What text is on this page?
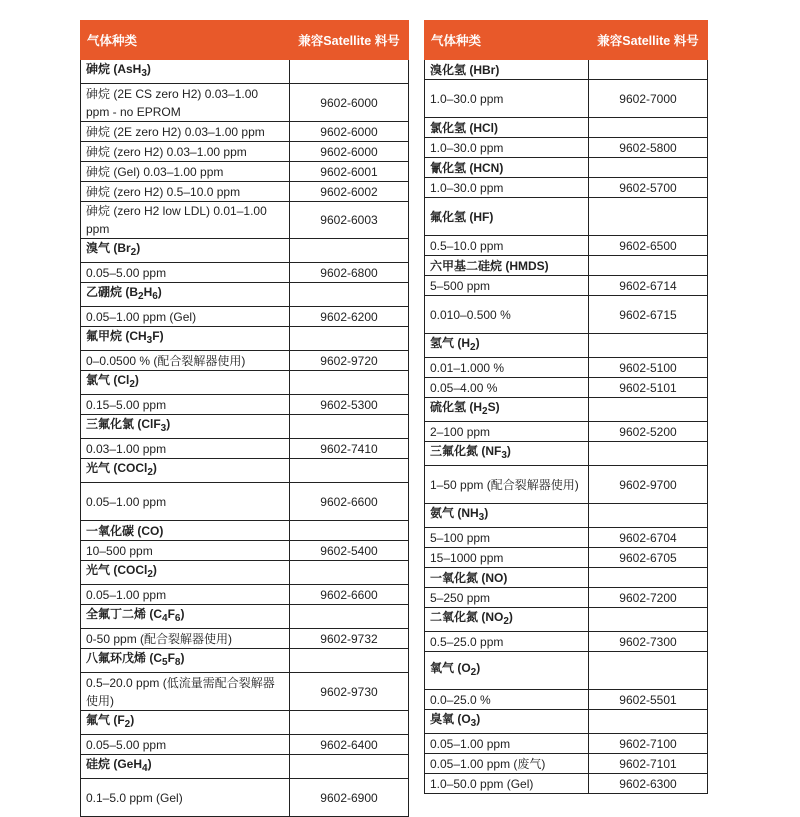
气体种类	兼容Satellite 料号
砷烷 (AsH$_3$)	
砷烷 (2E CS zero H2) 0.03–1.00 ppm - no EPROM	9602-6000
砷烷 (2E zero H2) 0.03–1.00 ppm	9602-6000
砷烷 (zero H2) 0.03–1.00 ppm	9602-6000
砷烷 (Gel) 0.03–1.00 ppm	9602-6001
砷烷 (zero H2) 0.5–10.0 ppm	9602-6002
砷烷 (zero H2 low LDL) 0.01–1.00 ppm	9602-6003
溴气 $(Br_2)$	
0.05–5.00 ppm	9602-6800
乙硼烷 $(B_2H_6)$	
0.05–1.00 ppm (Gel)	9602-6200
氟甲烷 $(CH_3F)$	
0–0.0500 % (配合裂解器使用)	9602-9720
氯气 $(Cl_2)$	
0.15–5.00 ppm	9602-5300
三氟化氯 (ClF$_3$)	
0.03–1.00 ppm	9602-7410
光气 (COCl$_2$)	
0.05–1.00 ppm	9602-6600
一氧化碳 (CO)	
10–500 ppm	9602-5400
光气 (COCl$_2$)	
0.05–1.00 ppm	9602-6600
全氟丁二烯 $(C_4F_6)$	
0-50 ppm (配合裂解器使用)	9602-9732
八氟环戊烯 $(C_5F_8)$	
0.5–20.0 ppm (低流量需配合裂解器使用)	9602-9730
氟气 $(F_2)$	
0.05–5.00 ppm	9602-6400
硅烷 (GeH$_4$)	
0.1–5.0 ppm (Gel)	9602-6900
气体种类	兼容Satellite 料号
溴化氢 (HBr)	
1.0–30.0 ppm	9602-7000
氯化氢 (HCl)	
1.0–30.0 ppm	9602-5800
氰化氢 (HCN)	
1.0–30.0 ppm	9602-5700
氟化氢 (HF)	
0.5–10.0 ppm	9602-6500
六甲基二硅烷 (HMDS)	
5–500 ppm	9602-6714
0.010–0.500 %	9602-6715
氢气 $(H_2)$	
0.01–1.000 %	9602-5100
0.05–4.00 %	9602-5101
硫化氢 $(H_2S)$	
2–100 ppm	9602-5200
三氟化氮 $(NF_3)$	
1–50 ppm (配合裂解器使用)	9602-9700
氨气 $(NH_3)$	
5–100 ppm	9602-6704
15–1000 ppm	9602-6705
一氧化氮 (NO)	
5–250 ppm	9602-7200
二氧化氮 $(NO_2)$	
0.5–25.0 ppm	9602-7300
氧气 $(O_2)$	
0.0–25.0 %	9602-5501
臭氧 $(O_3)$	
0.05–1.00 ppm	9602-7100
0.05–1.00 ppm (废气)	9602-7101
1.0–50.0 ppm (Gel)	9602-6300
